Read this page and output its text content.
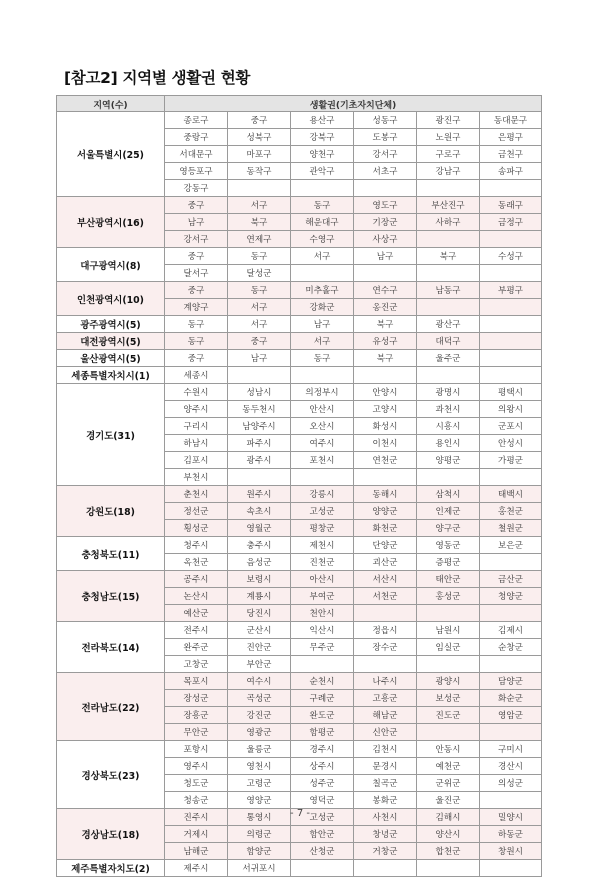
[참고2] 지역별 생활권 현황
지역(수)	생활권(기초자치단체)
서울특별시(25)
종로구	중구	용산구	성동구	광진구	동대문구
중랑구	성북구	강북구	도봉구	노원구	은평구
서대문구	마포구	양천구	강서구	구로구	금천구
영등포구	동작구	관악구	서초구	강남구	송파구
강동구
부산광역시(16)
중구	서구	동구	영도구	부산진구	동래구
남구	북구	해운대구	기장군	사하구	금정구
강서구	연제구	수영구	사상구
대구광역시(8)
중구	동구	서구	남구	북구	수성구
달서구	달성군
인천광역시(10)
중구	동구	미추홀구	연수구	남동구	부평구
계양구	서구	강화군	옹진군
광주광역시(5)	동구	서구	남구	북구	광산구
대전광역시(5)	동구	중구	서구	유성구	대덕구
울산광역시(5)	중구	남구	동구	북구	울주군
세종특별자치시(1)	세종시
경기도(31)
수원시	성남시	의정부시	안양시	광명시	평택시
양주시	동두천시	안산시	고양시	과천시	의왕시
구리시	남양주시	오산시	화성시	시흥시	군포시
하남시	파주시	여주시	이천시	용인시	안성시
김포시	광주시	포천시	연천군	양평군	가평군
부천시
강원도(18)
춘천시	원주시	강릉시	동해시	삼척시	태백시
정선군	속초시	고성군	양양군	인제군	홍천군
횡성군	영월군	평창군	화천군	양구군	철원군
충청북도(11)
청주시	충주시	제천시	단양군	영동군	보은군
옥천군	음성군	진천군	괴산군	증평군
충청남도(15)
공주시	보령시	아산시	서산시	태안군	금산군
논산시	계룡시	부여군	서천군	홍성군	청양군
예산군	당진시	천안시
전라북도(14)
전주시	군산시	익산시	정읍시	남원시	김제시
완주군	진안군	무주군	장수군	임실군	순창군
고창군	부안군
전라남도(22)
목포시	여수시	순천시	나주시	광양시	담양군
장성군	곡성군	구례군	고흥군	보성군	화순군
장흥군	강진군	완도군	해남군	진도군	영암군
무안군	영광군	함평군	신안군
경상북도(23)
포항시	울릉군	경주시	김천시	안동시	구미시
영주시	영천시	상주시	문경시	예천군	경산시
청도군	고령군	성주군	칠곡군	군위군	의성군
청송군	영양군	영덕군	봉화군	울진군
경상남도(18)
진주시	통영시	고성군	사천시	김해시	밀양시
거제시	의령군	함안군	창녕군	양산시	하동군
남해군	함양군	산청군	거창군	합천군	창원시
제주특별자치도(2)	제주시	서귀포시
- 7 -
